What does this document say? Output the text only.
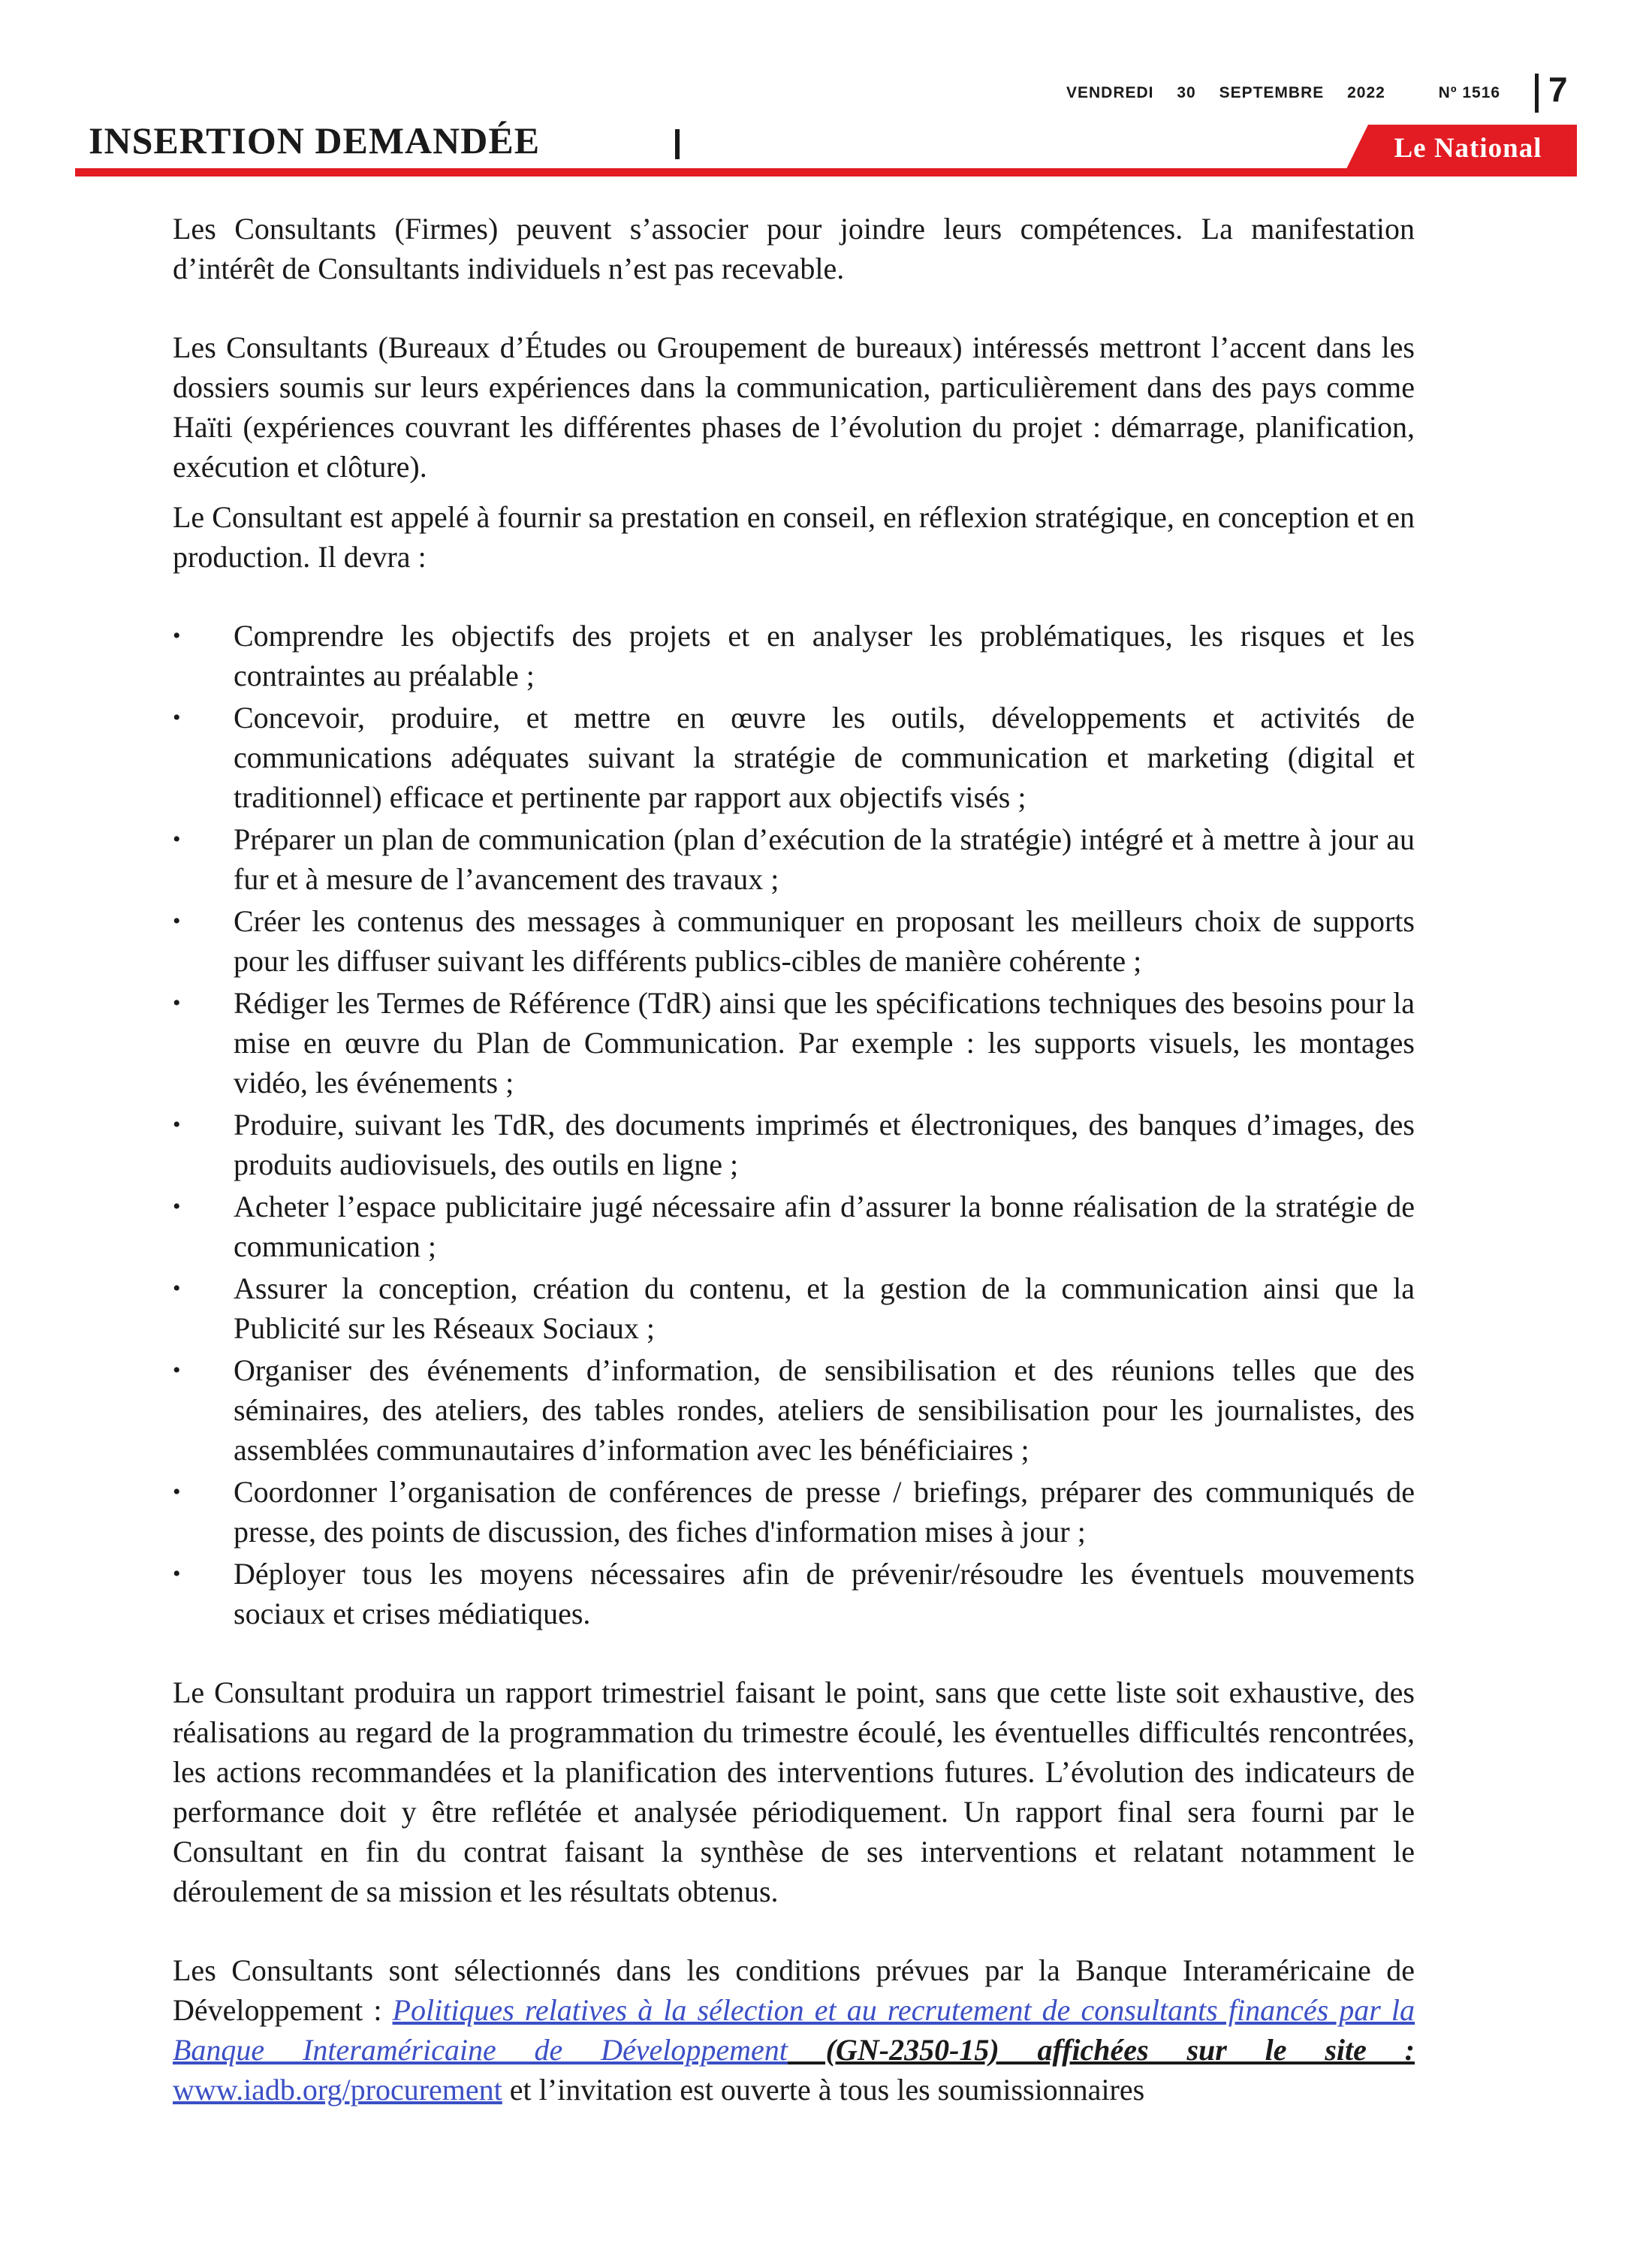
VENDREDI 30 SEPTEMBRE 2022	Nº 1516	7
INSERTION DEMANDÉE	Le National

Les Consultants (Firmes) peuvent s’associer pour joindre leurs compétences. La manifestation d’intérêt de Consultants individuels n’est pas recevable.

Les Consultants (Bureaux d’Études ou Groupement de bureaux) intéressés mettront l’accent dans les dossiers soumis sur leurs expériences dans la communication, particulièrement dans des pays comme Haïti (expériences couvrant les différentes phases de l’évolution du projet : démarrage, planification, exécution et clôture).

Le Consultant est appelé à fournir sa prestation en conseil, en réflexion stratégique, en conception et en production. Il devra :

• Comprendre les objectifs des projets et en analyser les problématiques, les risques et les contraintes au préalable ;
• Concevoir, produire, et mettre en œuvre les outils, développements et activités de communications adéquates suivant la stratégie de communication et marketing (digital et traditionnel) efficace et pertinente par rapport aux objectifs visés ;
• Préparer un plan de communication (plan d’exécution de la stratégie) intégré et à mettre à jour au fur et à mesure de l’avancement des travaux ;
• Créer les contenus des messages à communiquer en proposant les meilleurs choix de supports pour les diffuser suivant les différents publics-cibles de manière cohérente ;
• Rédiger les Termes de Référence (TdR) ainsi que les spécifications techniques des besoins pour la mise en œuvre du Plan de Communication. Par exemple : les supports visuels, les montages vidéo, les événements ;
• Produire, suivant les TdR, des documents imprimés et électroniques, des banques d’images, des produits audiovisuels, des outils en ligne ;
• Acheter l’espace publicitaire jugé nécessaire afin d’assurer la bonne réalisation de la stratégie de communication ;
• Assurer la conception, création du contenu, et la gestion de la communication ainsi que la Publicité sur les Réseaux Sociaux ;
• Organiser des événements d’information, de sensibilisation et des réunions telles que des séminaires, des ateliers, des tables rondes, ateliers de sensibilisation pour les journalistes, des assemblées communautaires d’information avec les bénéficiaires ;
• Coordonner l’organisation de conférences de presse / briefings, préparer des communiqués de presse, des points de discussion, des fiches d'information mises à jour ;
• Déployer tous les moyens nécessaires afin de prévenir/résoudre les éventuels mouvements sociaux et crises médiatiques.

Le Consultant produira un rapport trimestriel faisant le point, sans que cette liste soit exhaustive, des réalisations au regard de la programmation du trimestre écoulé, les éventuelles difficultés rencontrées, les actions recommandées et la planification des interventions futures. L’évolution des indicateurs de performance doit y être reflétée et analysée périodiquement. Un rapport final sera fourni par le Consultant en fin du contrat faisant la synthèse de ses interventions et relatant notamment le déroulement de sa mission et les résultats obtenus.

Les Consultants sont sélectionnés dans les conditions prévues par la Banque Interaméricaine de Développement : Politiques relatives à la sélection et au recrutement de consultants financés par la Banque Interaméricaine de Développement (GN-2350-15) affichées sur le site : www.iadb.org/procurement et l’invitation est ouverte à tous les soumissionnaires
